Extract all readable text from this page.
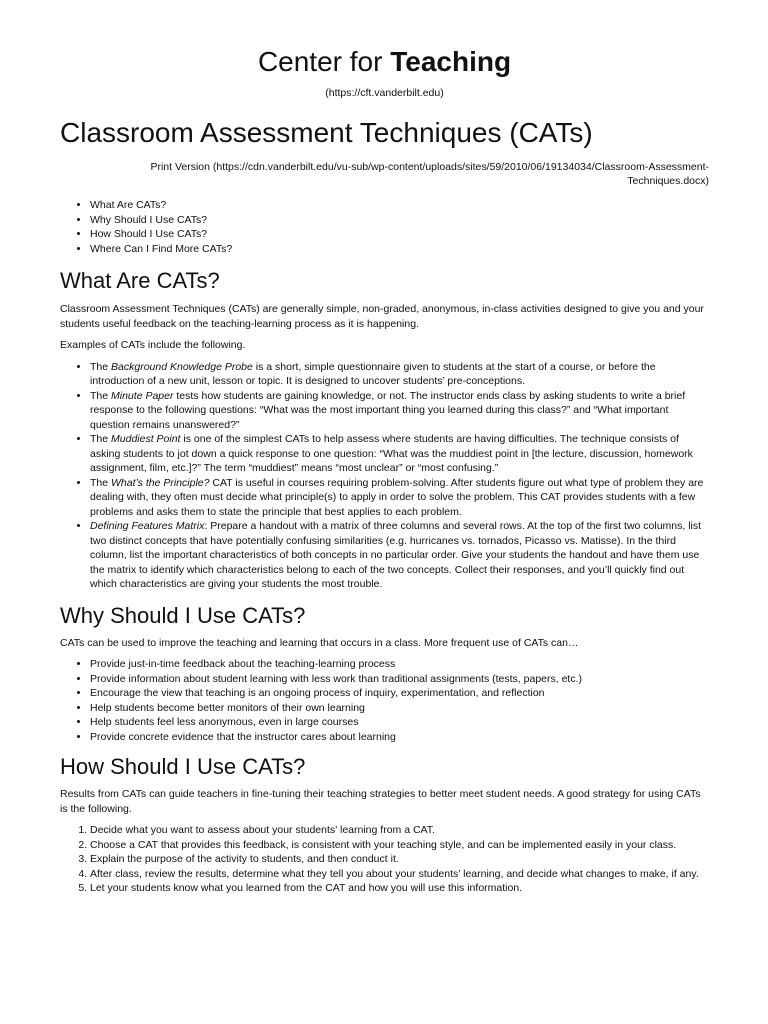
Center for Teaching

(https://cft.vanderbilt.edu)

Classroom Assessment Techniques (CATs)

Print Version (https://cdn.vanderbilt.edu/vu-sub/wp-content/uploads/sites/59/2010/06/19134034/Classroom-Assessment-Techniques.docx)

• What Are CATs?
• Why Should I Use CATs?
• How Should I Use CATs?
• Where Can I Find More CATs?
What Are CATs?

Classroom Assessment Techniques (CATs) are generally simple, non-graded, anonymous, in-class activities designed to give you and your students useful feedback on the teaching-learning process as it is happening.

Examples of CATs include the following.

• The Background Knowledge Probe is a short, simple questionnaire given to students at the start of a course, or before the introduction of a new unit, lesson or topic. It is designed to uncover students’ pre-conceptions.
• The Minute Paper tests how students are gaining knowledge, or not. The instructor ends class by asking students to write a brief response to the following questions: “What was the most important thing you learned during this class?” and “What important question remains unanswered?”
• The Muddiest Point is one of the simplest CATs to help assess where students are having difficulties. The technique consists of asking students to jot down a quick response to one question: “What was the muddiest point in [the lecture, discussion, homework assignment, film, etc.]?” The term “muddiest” means “most unclear” or “most confusing.”
• The What’s the Principle? CAT is useful in courses requiring problem-solving. After students figure out what type of problem they are dealing with, they often must decide what principle(s) to apply in order to solve the problem. This CAT provides students with a few problems and asks them to state the principle that best applies to each problem.
• Defining Features Matrix: Prepare a handout with a matrix of three columns and several rows. At the top of the first two columns, list two distinct concepts that have potentially confusing similarities (e.g. hurricanes vs. tornados, Picasso vs. Matisse). In the third column, list the important characteristics of both concepts in no particular order. Give your students the handout and have them use the matrix to identify which characteristics belong to each of the two concepts. Collect their responses, and you’ll quickly find out which characteristics are giving your students the most trouble.
Why Should I Use CATs?

CATs can be used to improve the teaching and learning that occurs in a class. More frequent use of CATs can…

• Provide just-in-time feedback about the teaching-learning process
• Provide information about student learning with less work than traditional assignments (tests, papers, etc.)
• Encourage the view that teaching is an ongoing process of inquiry, experimentation, and reflection
• Help students become better monitors of their own learning
• Help students feel less anonymous, even in large courses
• Provide concrete evidence that the instructor cares about learning
How Should I Use CATs?

Results from CATs can guide teachers in fine-tuning their teaching strategies to better meet student needs. A good strategy for using CATs is the following.

1. Decide what you want to assess about your students’ learning from a CAT.
2. Choose a CAT that provides this feedback, is consistent with your teaching style, and can be implemented easily in your class.
3. Explain the purpose of the activity to students, and then conduct it.
4. After class, review the results, determine what they tell you about your students’ learning, and decide what changes to make, if any.
5. Let your students know what you learned from the CAT and how you will use this information.
